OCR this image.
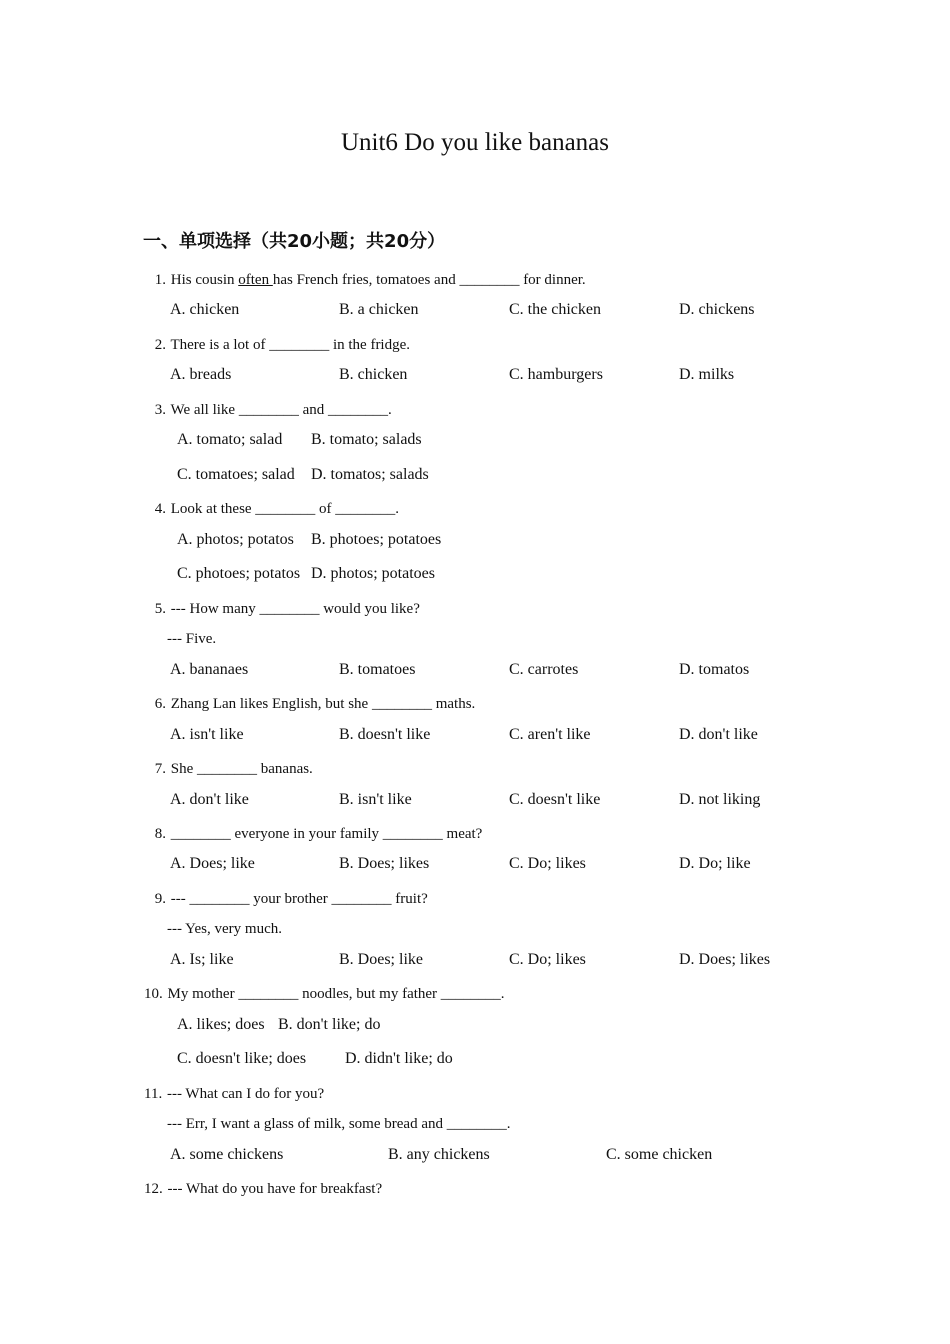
Unit6 Do you like bananas
一、单项选择（共20小题；共20分）
1. His cousin often has French fries, tomatoes and ________ for dinner.
A. chicken	B. a chicken	C. the chicken	D. chickens
2. There is a lot of ________ in the fridge.
A. breads	B. chicken	C. hamburgers	D. milks
3. We all like ________ and ________.
A. tomato; salad B. tomato; salads
C. tomatoes; salad D. tomatos; salads
4. Look at these ________ of ________.
A. photos; potatos B. photoes; potatoes
C. photoes; potatos D. photos; potatoes
5. --- How many ________ would you like?
--- Five.
A. bananaes	B. tomatoes	C. carrotes	D. tomatos
6. Zhang Lan likes English, but she ________ maths.
A. isn't like	B. doesn't like	C. aren't like	D. don't like
7. She ________ bananas.
A. don't like	B. isn't like	C. doesn't like	D. not liking
8. ________ everyone in your family ________ meat?
A. Does; like	B. Does; likes	C. Do; likes	D. Do; like
9. --- ________ your brother ________ fruit?
--- Yes, very much.
A. Is; like	B. Does; like	C. Do; likes	D. Does; likes
10. My mother ________ noodles, but my father ________.
A. likes; does B. don't like; do
C. doesn't like; does D. didn't like; do
11. --- What can I do for you?
--- Err, I want a glass of milk, some bread and ________.
A. some chickens	B. any chickens	C. some chicken
12. --- What do you have for breakfast?
